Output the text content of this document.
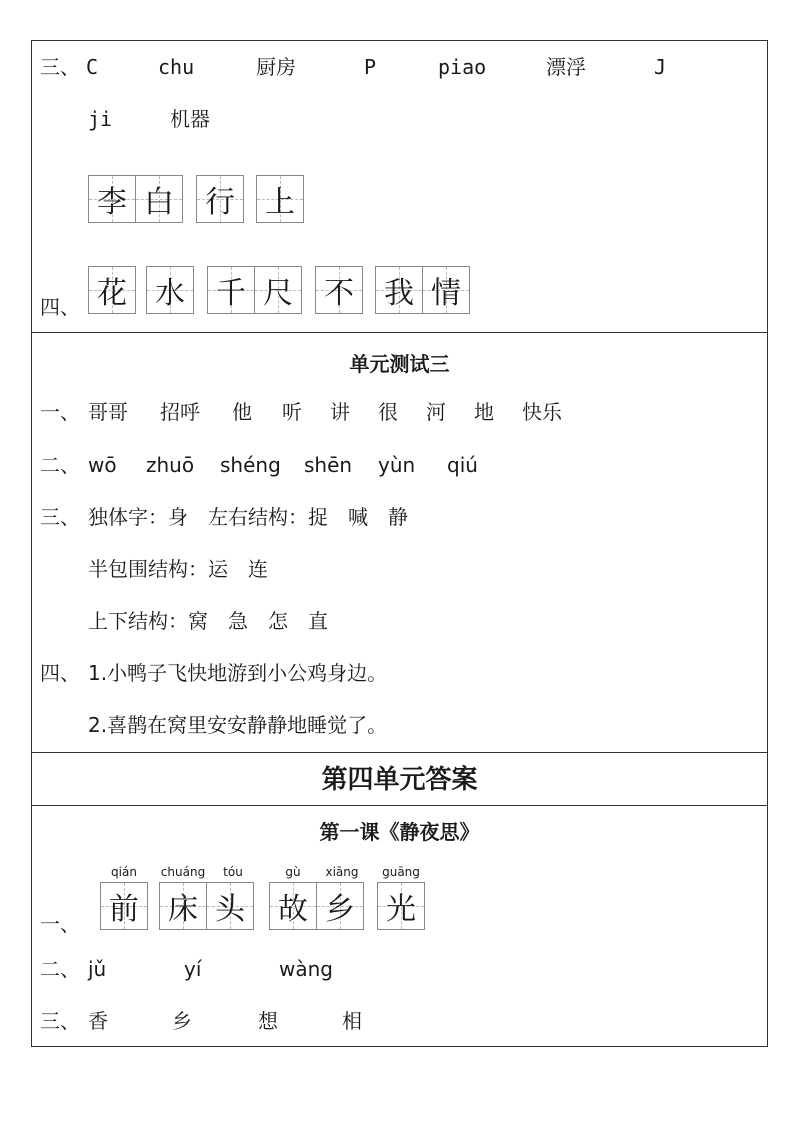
三、 C	chu	厨房	P	piao	漂浮	J
ji	机器
李 白 行 上
四、 花 水 千 尺 不 我 情
单元测试三
一、 哥哥 招呼 他 听 讲 很 河 地 快乐
二、 wō zhuō shéng shēn yùn qiú
三、 独体字：身　左右结构：捉　喊　静
半包围结构：运　连
上下结构：窝　急　怎　直
四、 1.小鸭子飞快地游到小公鸡身边。
2.喜鹊在窝里安安静静地睡觉了。
第四单元答案
第一课《静夜思》
qián	chuáng	tóu	gù	xiāng	guāng
一、 前 床 头 故 乡 光
二、 jǔ	yí	wàng
三、 香	乡	想	相
